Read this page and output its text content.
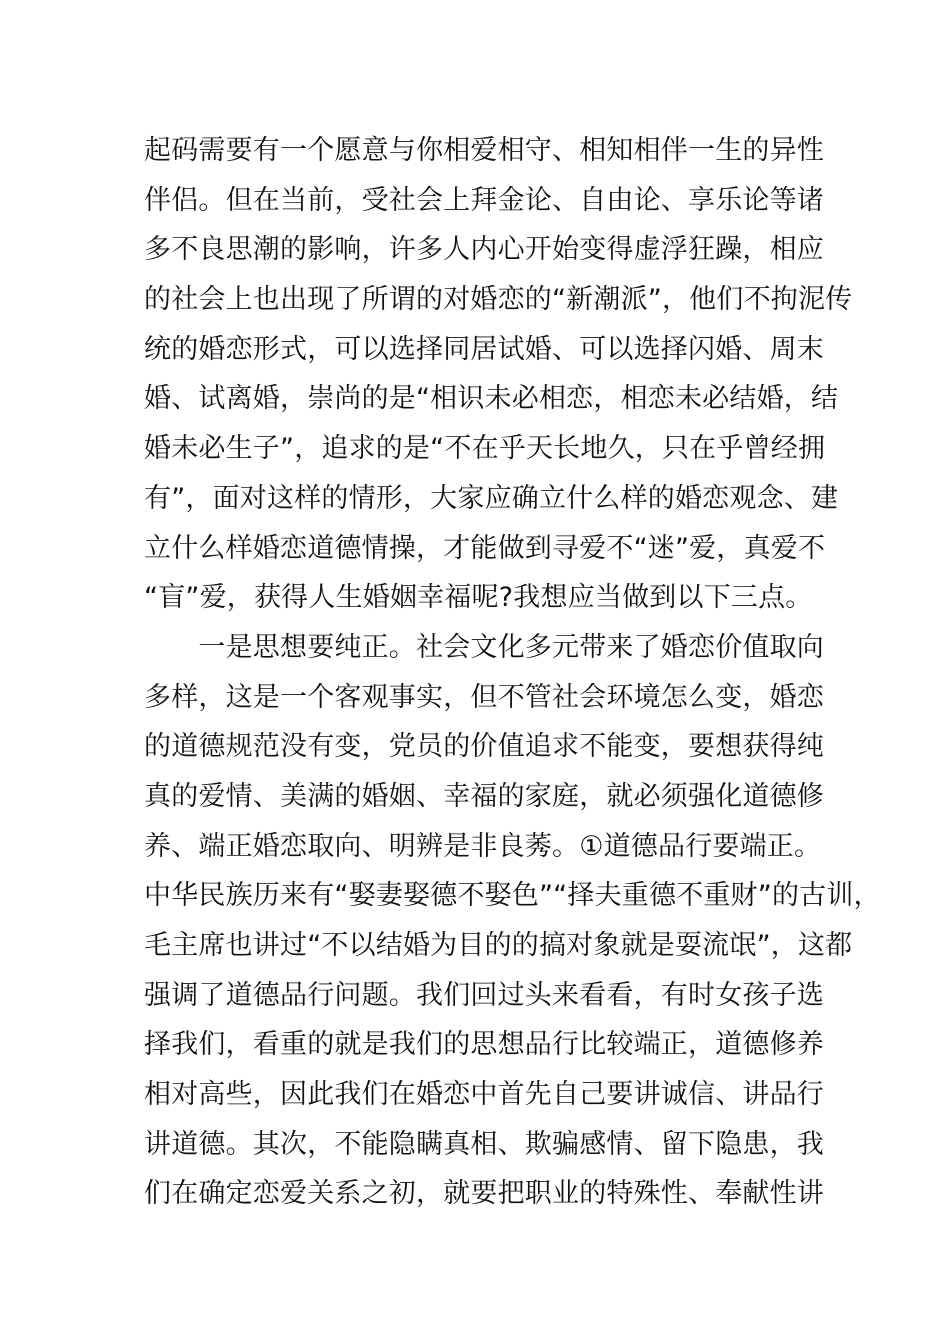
起码需要有一个愿意与你相爱相守、相知相伴一生的异性
伴侣。但在当前，受社会上拜金论、自由论、享乐论等诸
多不良思潮的影响，许多人内心开始变得虚浮狂躁，相应
的社会上也出现了所谓的对婚恋的“新潮派”，他们不拘泥传
统的婚恋形式，可以选择同居试婚、可以选择闪婚、周末
婚、试离婚，崇尚的是“相识未必相恋，相恋未必结婚，结
婚未必生子”，追求的是“不在乎天长地久，只在乎曾经拥
有”，面对这样的情形，大家应确立什么样的婚恋观念、建
立什么样婚恋道德情操，才能做到寻爱不“迷”爱，真爱不
“盲”爱，获得人生婚姻幸福呢?我想应当做到以下三点。
　　一是思想要纯正。社会文化多元带来了婚恋价值取向
多样，这是一个客观事实，但不管社会环境怎么变，婚恋
的道德规范没有变，党员的价值追求不能变，要想获得纯
真的爱情、美满的婚姻、幸福的家庭，就必须强化道德修
养、端正婚恋取向、明辨是非良莠。①道德品行要端正。
中华民族历来有“娶妻娶德不娶色”“择夫重德不重财”的古训，
毛主席也讲过“不以结婚为目的的搞对象就是耍流氓”，这都
强调了道德品行问题。我们回过头来看看，有时女孩子选
择我们，看重的就是我们的思想品行比较端正，道德修养
相对高些，因此我们在婚恋中首先自己要讲诚信、讲品行
讲道德。其次，不能隐瞒真相、欺骗感情、留下隐患，我
们在确定恋爱关系之初，就要把职业的特殊性、奉献性讲
